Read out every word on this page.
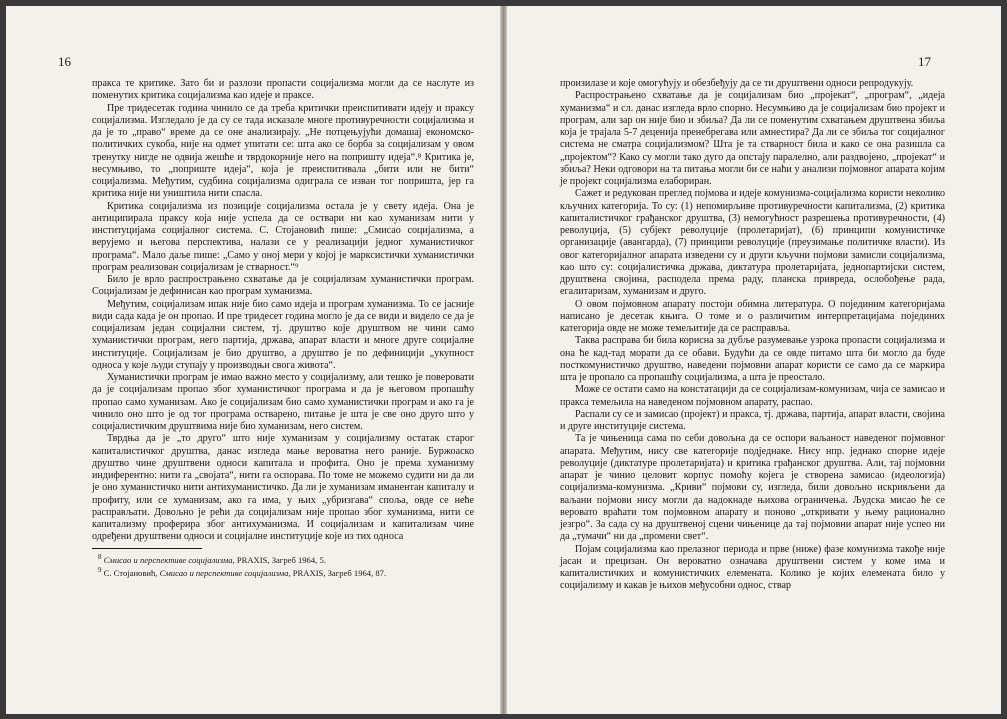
16

пракса те критике. Зато би и разлози пропасти социјализма могли да се наслуте из поменутих критика социјализма као идеје и праксе.

Пре тридесетак година чинило се да треба критички преиспитивати идеју и праксу социјализма. Изгледало је да су се тада исказале многе противуречности социјализма и да је то „право“ време да се оне анализирају. „Не потцењујући домашај економско-политичких сукоба, није на одмет упитати се: шта ако се борба за социјализам у овом тренутку нигде не одвија жешће и тврдокорније него на попришту идеја“.⁸ Критика је, несумњиво, то „поприште идеја“, која је преиспитивала „бити или не бити“ социјализма. Међутим, судбина социјализма одиграла се изван тог попришта, јер га критика није ни уништила нити спасла.

Критика социјализма из позиције социјализма остала је у свету идеја. Она је антиципирала праксу која није успела да се оствари ни као хуманизам нити у институцијама социјалног система. С. Стојановић пише: „Смисао социјализма, а верујемо и његова перспектива, налази се у реализацији једног хуманистичког програма“. Мало даље пише: „Само у оној мери у којој је марксистички хуманистички програм реализован социјализам је стварност.“⁹

Било је врло распрострањено схватање да је социјализам хуманистички програм. Социјализам је дефинисан као програм хуманизма.

Међутим, социјализам ипак није био само идеја и програм хуманизма. То се јасније види сада када је он пропао. И пре тридесет година могло је да се види и видело се да је социјализам један социјални систем, тј. друштво које друштвом не чини само хуманистички програм, него партија, држава, апарат власти и многе друге социјалне институције. Социјализам је био друштво, а друштво је по дефиницији „укупност односа у које људи ступају у производњи свога живота“.

Хуманистички програм је имао важно место у социјализму, али тешко је поверовати да је социјализам пропао због хуманистичког програма и да је његовом пропашћу пропао само хуманизам. Ако је социјализам био само хуманистички програм и ако га је чинило оно што је од тог програма остварено, питање је шта је све оно друго што у социјалистичким друштвима није био хуманизам, него систем.

Тврдња да је „то друго“ што није хуманизам у социјализму остатак старог капиталистичког друштва, данас изгледа мање вероватна него раније. Буржоаско друштво чине друштвени односи капитала и профита. Оно је према хуманизму индиферентно: нити га „својата“, нити га оспорава. По томе не можемо судити ни да ли је оно хуманистичко нити антихуманистичко. Да ли је хуманизам иманентан капиталу и профиту, или се хуманизам, ако га има, у њих „убризгава“ споља, овде се неће расправљати. Довољно је рећи да социјализам није пропао због хуманизма, нити се капитализму проферира због антихуманизма. И социјализам и капитализам чине одређени друштвени односи и социјалне институције које из тих односа

$^8$ Смисао и перспективе социјализма, PRAXIS, Загреб 1964, 5.

$^9$ С. Стојановић, Смисао и перспективе социјализма, PRAXIS, Загреб 1964, 87.

17

произилазе и које омогућују и обезбеђују да се ти друштвени односи репродукују.

Распрострањено схватање да је социјализам био „пројекат“, „програм“, „идеја хуманизма“ и сл. данас изгледа врло спорно. Несумњиво да је социјализам био пројект и програм, али зар он није био и збиља? Да ли се поменутим схватањем друштвена збиља која је трајала 5-7 деценија пренебрегава или амнестира? Да ли се збиља тог социјалног система не сматра социјализмом? Шта је та стварност била и како се она разишла са „пројектом“? Како су могли тако дуго да опстају паралелно, али раздвојено, „пројекат“ и збиља? Неки одговори на та питања могли би се наћи у анализи појмовног апарата којим је пројект социјализма елаборирaн.

Сажет и редукован преглед појмова и идеје комунизма-социјализма користи неколико кључних категорија. То су: (1) непомирљиве противуречности капитализма, (2) критика капиталистичког грађанског друштва, (3) немогућност разрешења противуречности, (4) револуција, (5) субјект револуције (пролетаријат), (6) принципи комунистичке организације (авангарда), (7) принципи револуције (преузимање политичке власти). Из овог категоријалног апарата изведени су и други кључни појмови замисли социјализма, као што су: социјалистичка држава, диктатура пролетаријата, једнопартијски систем, друштвена својина, расподела према раду, планска привреда, ослобођење рада, егалитаризам, хуманизам и друго.

О овом појмовном апарату постоји обимна литература. О појединим категоријама написано је десетак књига. О томе и о различитим интерпретацијама појединих категорија овде не може темељитије да се расправља.

Таква расправа би била корисна за дубље разумевање узрока пропасти социјализма и она ће кад-тад морати да се обави. Будући да се овде питамо шта би могло да буде посткомунистичко друштво, наведени појмовни апарат користи се само да се маркира шта је пропало са пропашћу социјализма, а шта је преостало.

Може се остати само на констатацији да се социјализам-комунизам, чија се замисао и пракса темељила на наведеном појмовном апарату, распао.

Распали су се и замисао (пројект) и пракса, тј. држава, партија, апарат власти, својина и друге институције система.

Та је чињеница сама по себи довољна да се оспори ваљаност наведеног појмовног апарата. Међутим, нису све категорије подједнаке. Нису нпр. једнако спорне идеје револуције (диктатуре пролетаријата) и критика грађанског друштва. Али, тај појмовни апарат је чинио целовит корпус помоћу којега је створена замисао (идеологија) социјализма-комунизма. „Криви“ појмови су, изгледа, били довољно искривљени да ваљани појмови нису могли да надокнаде њихова ограничења. Људска мисао ће се веровато враћати том појмовном апарату и поново „откривати у њему рационално језгро“. За сада су на друштвеној сцени чињенице да тај појмовни апарат није успео ни да „тумачи“ ни да „промени свет“.

Појам социјализма као прелазног периода и прве (ниже) фазе комунизма такође није јасан и прецизан. Он вероватно означава друштвени систем у коме има и капиталистичких и комунистичких елемената. Колико је којих елемената било у социјализму и какав је њихов међусобни однос, ствар
